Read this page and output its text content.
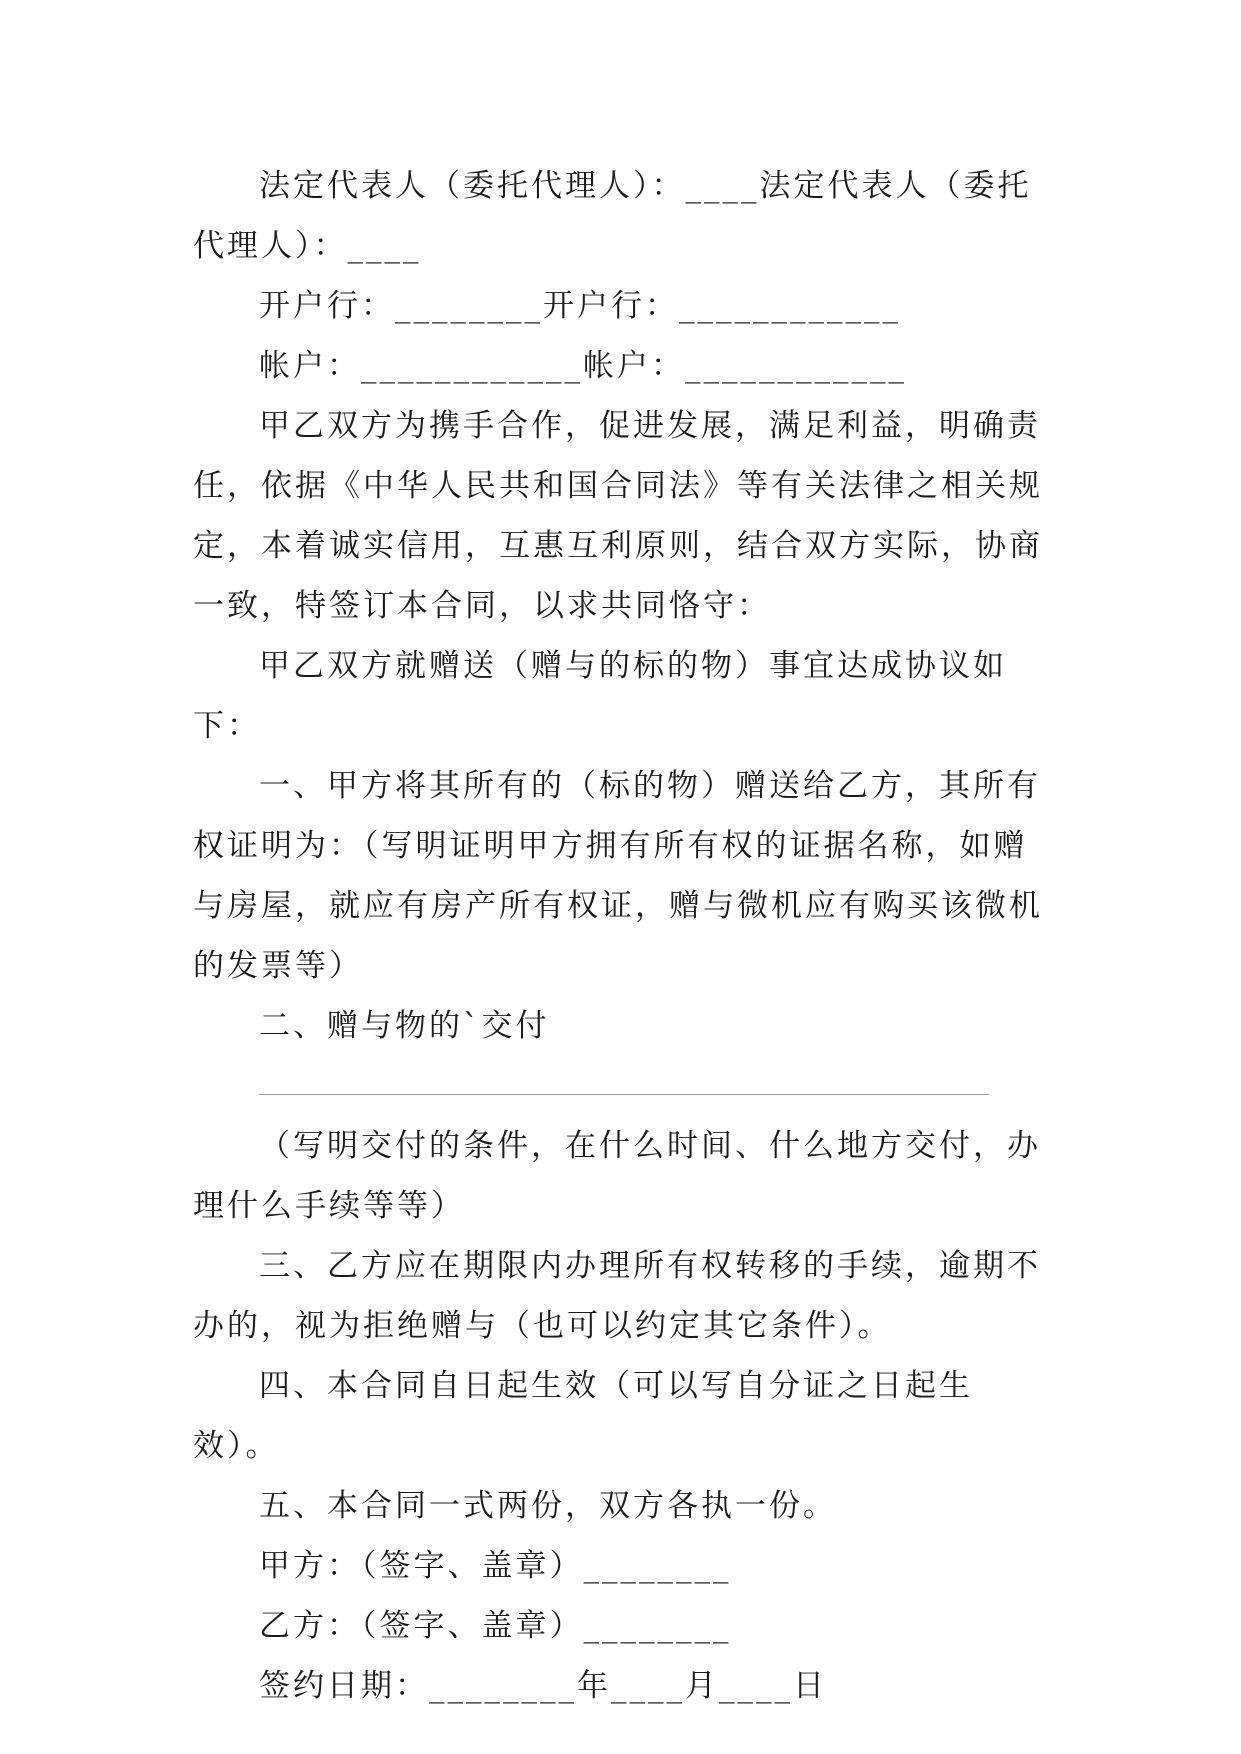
法定代表人（委托代理人）：____法定代表人（委托代理人）：____

开户行：________开户行：____________

帐户：____________帐户：____________

甲乙双方为携手合作，促进发展，满足利益，明确责任，依据《中华人民共和国合同法》等有关法律之相关规定，本着诚实信用，互惠互利原则，结合双方实际，协商一致，特签订本合同，以求共同恪守：

甲乙双方就赠送（赠与的标的物）事宜达成协议如下：

一、甲方将其所有的（标的物）赠送给乙方，其所有权证明为：（写明证明甲方拥有所有权的证据名称，如赠与房屋，就应有房产所有权证，赠与微机应有购买该微机的发票等）

二、赠与物的`交付

（写明交付的条件，在什么时间、什么地方交付，办理什么手续等等）

三、乙方应在期限内办理所有权转移的手续，逾期不办的，视为拒绝赠与（也可以约定其它条件）。

四、本合同自日起生效（可以写自分证之日起生效）。

五、本合同一式两份，双方各执一份。

甲方：（签字、盖章）________

乙方：（签字、盖章）________

签约日期：________年____月____日
